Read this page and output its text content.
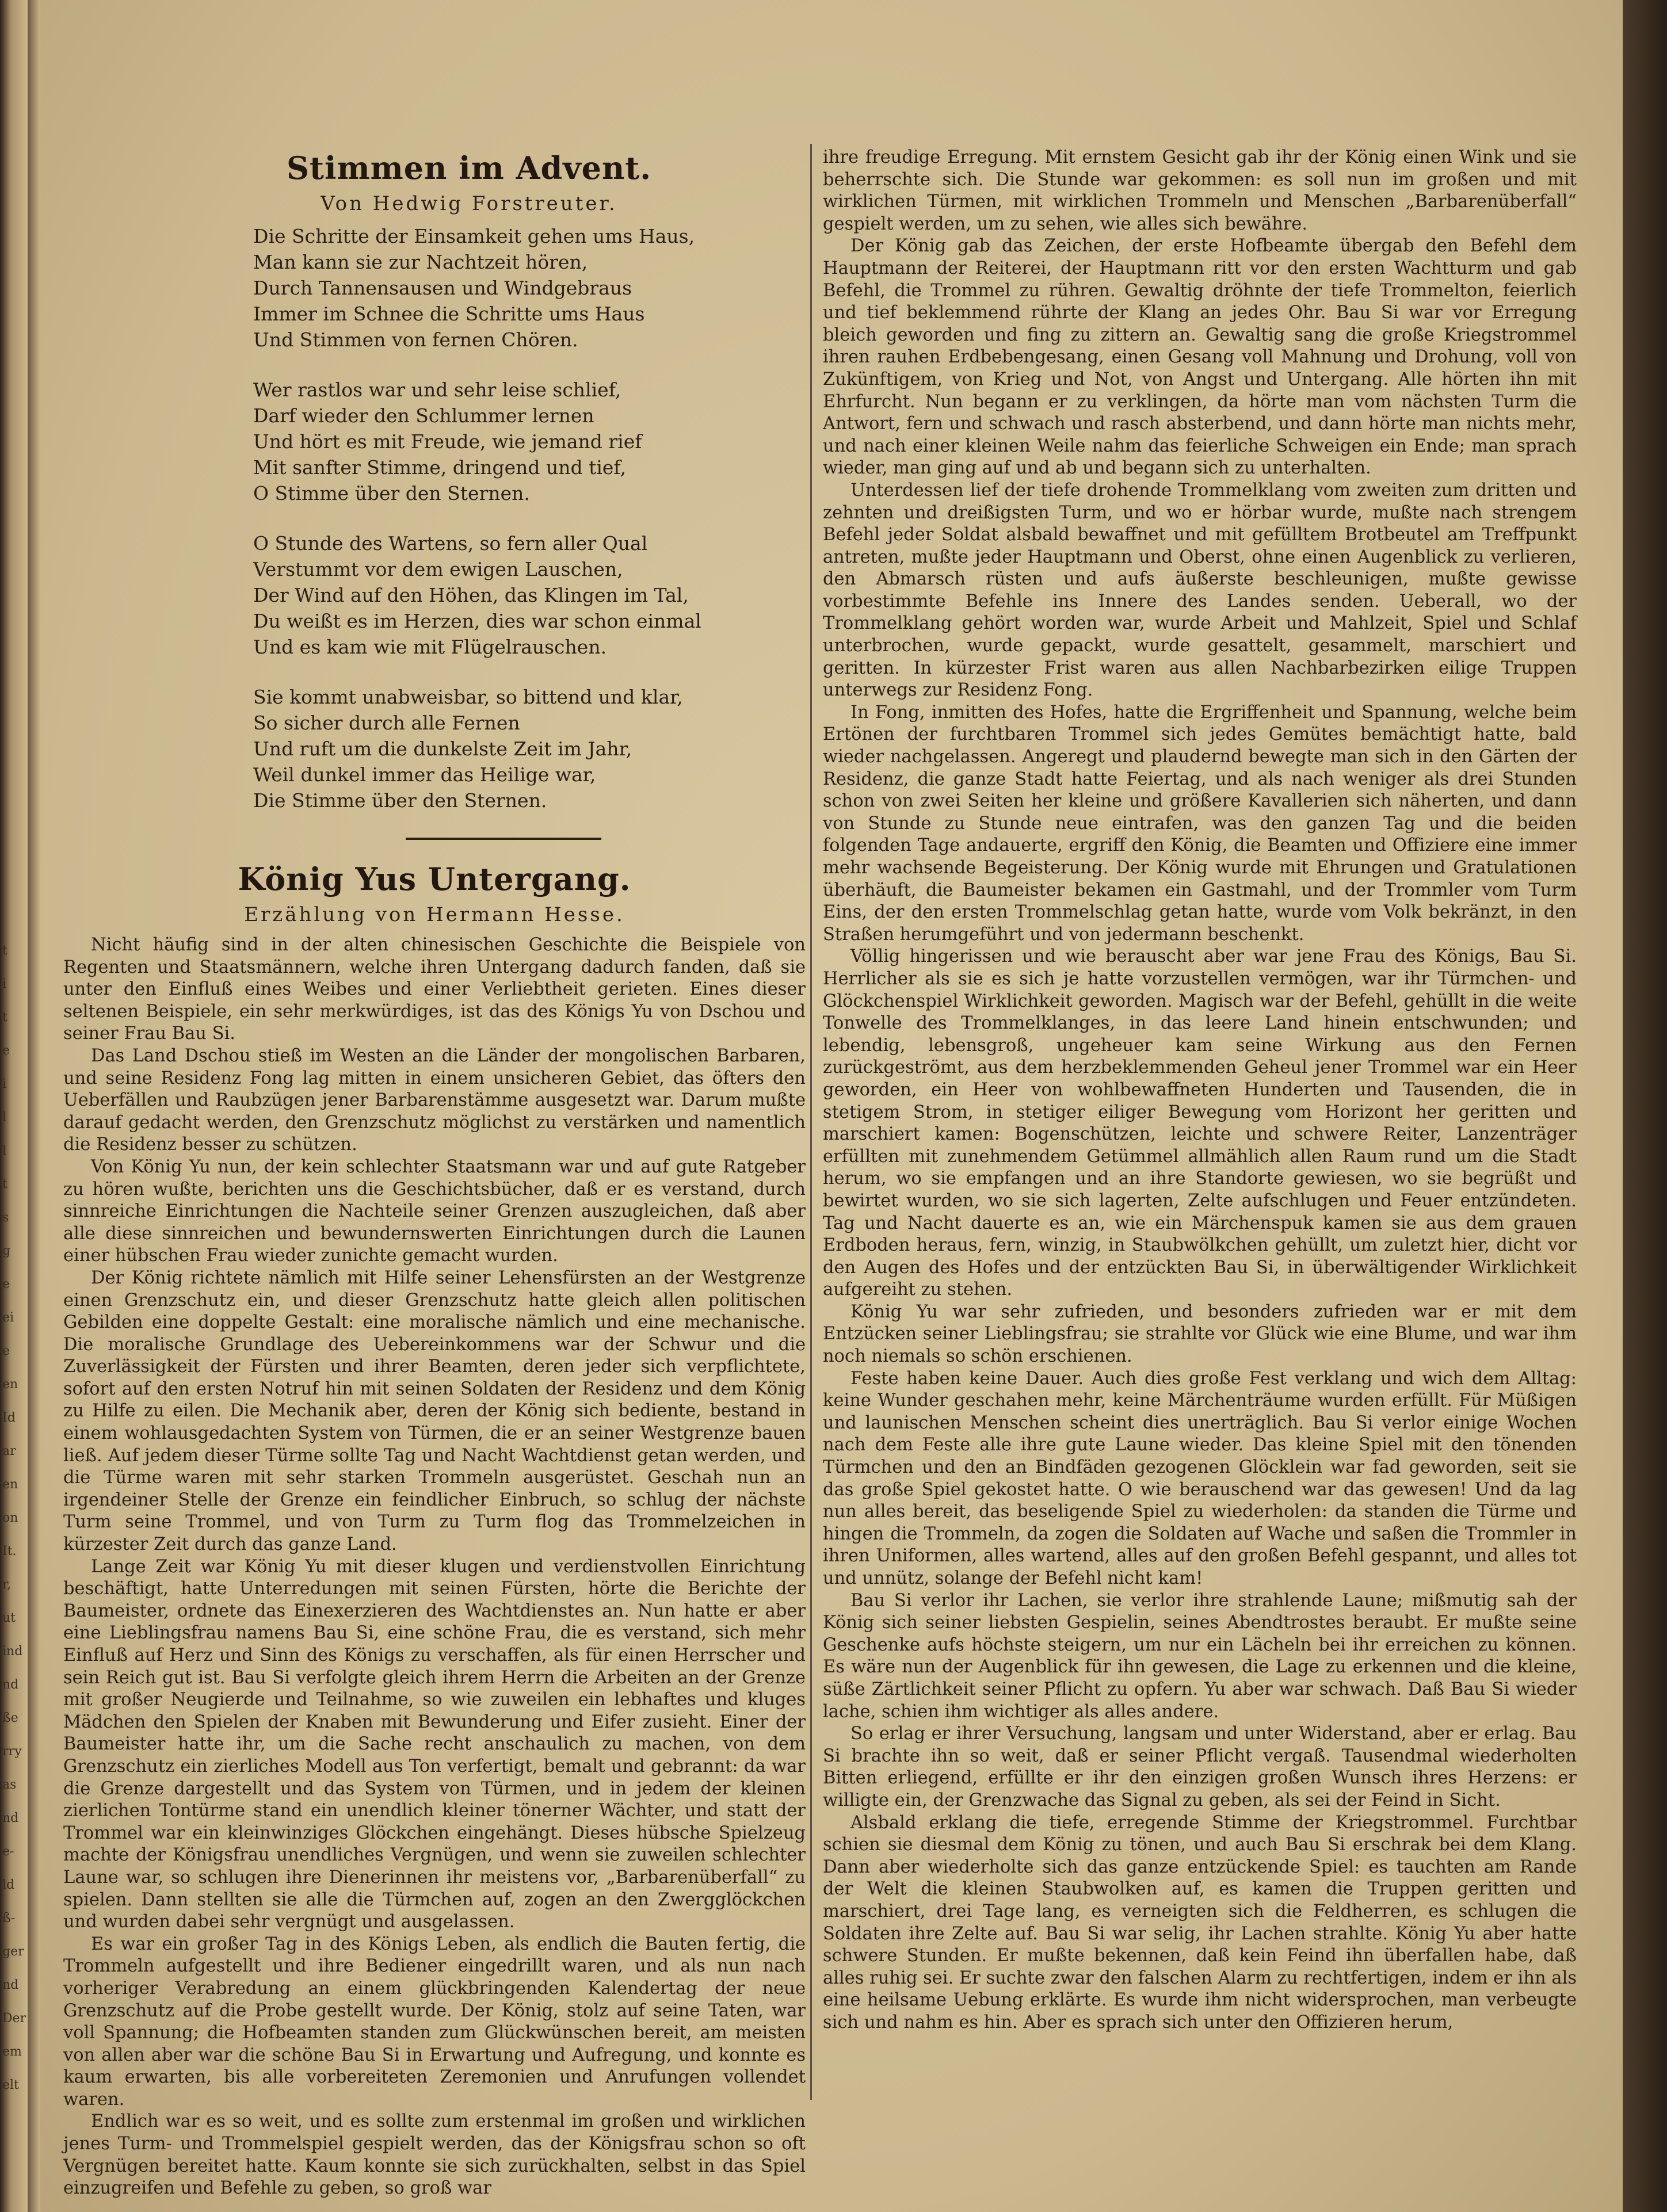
t
i
t
e
i
l
l
t
s
g
e
ei
e
en
Id
ar
en
on
It.
r,
ut
ind
nd
ße
rrу
as
nd
e-
ld
ß-
ger
nd
Der
em
elt
Stimmen im Advent.
Von Hedwig Forstreuter.
Die Schritte der Einsamkeit gehen ums Haus,
Man kann sie zur Nachtzeit hören,
Durch Tannensausen und Windgebraus
Immer im Schnee die Schritte ums Haus
Und Stimmen von fernen Chören.
Wer rastlos war und sehr leise schlief,
Darf wieder den Schlummer lernen
Und hört es mit Freude, wie jemand rief
Mit sanfter Stimme, dringend und tief,
O Stimme über den Sternen.
O Stunde des Wartens, so fern aller Qual
Verstummt vor dem ewigen Lauschen,
Der Wind auf den Höhen, das Klingen im Tal,
Du weißt es im Herzen, dies war schon einmal
Und es kam wie mit Flügelrauschen.
Sie kommt unabweisbar, so bittend und klar,
So sicher durch alle Fernen
Und ruft um die dunkelste Zeit im Jahr,
Weil dunkel immer das Heilige war,
Die Stimme über den Sternen.
König Yus Untergang.
Erzählung von Hermann Hesse.

Nicht häufig sind in der alten chinesischen Geschichte die Beispiele von Regenten und Staatsmännern, welche ihren Untergang dadurch fanden, daß sie unter den Einfluß eines Weibes und einer Verliebtheit gerieten. Eines dieser seltenen Beispiele, ein sehr merkwürdiges, ist das des Königs Yu von Dschou und seiner Frau Bau Si.

Das Land Dschou stieß im Westen an die Länder der mongolischen Barbaren, und seine Residenz Fong lag mitten in einem unsicheren Gebiet, das öfters den Ueberfällen und Raubzügen jener Barbarenstämme ausgesetzt war. Darum mußte darauf gedacht werden, den Grenzschutz möglichst zu verstärken und namentlich die Residenz besser zu schützen.

Von König Yu nun, der kein schlechter Staatsmann war und auf gute Ratgeber zu hören wußte, berichten uns die Geschichtsbücher, daß er es verstand, durch sinnreiche Einrichtungen die Nachteile seiner Grenzen auszugleichen, daß aber alle diese sinnreichen und bewundernswerten Einrichtungen durch die Launen einer hübschen Frau wieder zunichte gemacht wurden.

Der König richtete nämlich mit Hilfe seiner Lehensfürsten an der Westgrenze einen Grenzschutz ein, und dieser Grenzschutz hatte gleich allen politischen Gebilden eine doppelte Gestalt: eine moralische nämlich und eine mechanische. Die moralische Grundlage des Uebereinkommens war der Schwur und die Zuverlässigkeit der Fürsten und ihrer Beamten, deren jeder sich verpflichtete, sofort auf den ersten Notruf hin mit seinen Soldaten der Residenz und dem König zu Hilfe zu eilen. Die Mechanik aber, deren der König sich bediente, bestand in einem wohlausgedachten System von Türmen, die er an seiner Westgrenze bauen ließ. Auf jedem dieser Türme sollte Tag und Nacht Wachtdienst getan werden, und die Türme waren mit sehr starken Trommeln ausgerüstet. Geschah nun an irgendeiner Stelle der Grenze ein feindlicher Einbruch, so schlug der nächste Turm seine Trommel, und von Turm zu Turm flog das Trommelzeichen in kürzester Zeit durch das ganze Land.

Lange Zeit war König Yu mit dieser klugen und verdienstvollen Einrichtung beschäftigt, hatte Unterredungen mit seinen Fürsten, hörte die Berichte der Baumeister, ordnete das Einexerzieren des Wachtdienstes an. Nun hatte er aber eine Lieblingsfrau namens Bau Si, eine schöne Frau, die es verstand, sich mehr Einfluß auf Herz und Sinn des Königs zu verschaffen, als für einen Herrscher und sein Reich gut ist. Bau Si verfolgte gleich ihrem Herrn die Arbeiten an der Grenze mit großer Neugierde und Teilnahme, so wie zuweilen ein lebhaftes und kluges Mädchen den Spielen der Knaben mit Bewunderung und Eifer zusieht. Einer der Baumeister hatte ihr, um die Sache recht anschaulich zu machen, von dem Grenzschutz ein zierliches Modell aus Ton verfertigt, bemalt und gebrannt: da war die Grenze dargestellt und das System von Türmen, und in jedem der kleinen zierlichen Tontürme stand ein unendlich kleiner tönerner Wächter, und statt der Trommel war ein kleinwinziges Glöckchen eingehängt. Dieses hübsche Spielzeug machte der Königsfrau unendliches Vergnügen, und wenn sie zuweilen schlechter Laune war, so schlugen ihre Dienerinnen ihr meistens vor, „Barbarenüberfall“ zu spielen. Dann stellten sie alle die Türmchen auf, zogen an den Zwergglöckchen und wurden dabei sehr vergnügt und ausgelassen.

Es war ein großer Tag in des Königs Leben, als endlich die Bauten fertig, die Trommeln aufgestellt und ihre Bediener eingedrillt waren, und als nun nach vorheriger Verabredung an einem glückbringenden Kalendertag der neue Grenzschutz auf die Probe gestellt wurde. Der König, stolz auf seine Taten, war voll Spannung; die Hofbeamten standen zum Glückwünschen bereit, am meisten von allen aber war die schöne Bau Si in Erwartung und Aufregung, und konnte es kaum erwarten, bis alle vorbereiteten Zeremonien und Anrufungen vollendet waren.

Endlich war es so weit, und es sollte zum erstenmal im großen und wirklichen jenes Turm- und Trommelspiel gespielt werden, das der Königsfrau schon so oft Vergnügen bereitet hatte. Kaum konnte sie sich zurückhalten, selbst in das Spiel einzugreifen und Befehle zu geben, so groß war

ihre freudige Erregung. Mit ernstem Gesicht gab ihr der König einen Wink und sie beherrschte sich. Die Stunde war gekommen: es soll nun im großen und mit wirklichen Türmen, mit wirklichen Trommeln und Menschen „Barbarenüberfall“ gespielt werden, um zu sehen, wie alles sich bewähre.

Der König gab das Zeichen, der erste Hofbeamte übergab den Befehl dem Hauptmann der Reiterei, der Hauptmann ritt vor den ersten Wachtturm und gab Befehl, die Trommel zu rühren. Gewaltig dröhnte der tiefe Trommelton, feierlich und tief beklemmend rührte der Klang an jedes Ohr. Bau Si war vor Erregung bleich geworden und fing zu zittern an. Gewaltig sang die große Kriegstrommel ihren rauhen Erdbebengesang, einen Gesang voll Mahnung und Drohung, voll von Zukünftigem, von Krieg und Not, von Angst und Untergang. Alle hörten ihn mit Ehrfurcht. Nun begann er zu verklingen, da hörte man vom nächsten Turm die Antwort, fern und schwach und rasch absterbend, und dann hörte man nichts mehr, und nach einer kleinen Weile nahm das feierliche Schweigen ein Ende; man sprach wieder, man ging auf und ab und begann sich zu unterhalten.

Unterdessen lief der tiefe drohende Trommelklang vom zweiten zum dritten und zehnten und dreißigsten Turm, und wo er hörbar wurde, mußte nach strengem Befehl jeder Soldat alsbald bewaffnet und mit gefülltem Brotbeutel am Treffpunkt antreten, mußte jeder Hauptmann und Oberst, ohne einen Augenblick zu verlieren, den Abmarsch rüsten und aufs äußerste beschleunigen, mußte gewisse vorbestimmte Befehle ins Innere des Landes senden. Ueberall, wo der Trommelklang gehört worden war, wurde Arbeit und Mahlzeit, Spiel und Schlaf unterbrochen, wurde gepackt, wurde gesattelt, gesammelt, marschiert und geritten. In kürzester Frist waren aus allen Nachbarbezirken eilige Truppen unterwegs zur Residenz Fong.

In Fong, inmitten des Hofes, hatte die Ergriffenheit und Spannung, welche beim Ertönen der furchtbaren Trommel sich jedes Gemütes bemächtigt hatte, bald wieder nachgelassen. Angeregt und plaudernd bewegte man sich in den Gärten der Residenz, die ganze Stadt hatte Feiertag, und als nach weniger als drei Stunden schon von zwei Seiten her kleine und größere Kavallerien sich näherten, und dann von Stunde zu Stunde neue eintrafen, was den ganzen Tag und die beiden folgenden Tage andauerte, ergriff den König, die Beamten und Offiziere eine immer mehr wachsende Begeisterung. Der König wurde mit Ehrungen und Gratulationen überhäuft, die Baumeister bekamen ein Gastmahl, und der Trommler vom Turm Eins, der den ersten Trommelschlag getan hatte, wurde vom Volk bekränzt, in den Straßen herumgeführt und von jedermann beschenkt.

Völlig hingerissen und wie berauscht aber war jene Frau des Königs, Bau Si. Herrlicher als sie es sich je hatte vorzustellen vermögen, war ihr Türmchen- und Glöckchenspiel Wirklichkeit geworden. Magisch war der Befehl, gehüllt in die weite Tonwelle des Trommelklanges, in das leere Land hinein entschwunden; und lebendig, lebensgroß, ungeheuer kam seine Wirkung aus den Fernen zurückgeströmt, aus dem herzbeklemmenden Geheul jener Trommel war ein Heer geworden, ein Heer von wohlbewaffneten Hunderten und Tausenden, die in stetigem Strom, in stetiger eiliger Bewegung vom Horizont her geritten und marschiert kamen: Bogenschützen, leichte und schwere Reiter, Lanzenträger erfüllten mit zunehmendem Getümmel allmählich allen Raum rund um die Stadt herum, wo sie empfangen und an ihre Standorte gewiesen, wo sie begrüßt und bewirtet wurden, wo sie sich lagerten, Zelte aufschlugen und Feuer entzündeten. Tag und Nacht dauerte es an, wie ein Märchenspuk kamen sie aus dem grauen Erdboden heraus, fern, winzig, in Staubwölkchen gehüllt, um zuletzt hier, dicht vor den Augen des Hofes und der entzückten Bau Si, in überwältigender Wirklichkeit aufgereiht zu stehen.

König Yu war sehr zufrieden, und besonders zufrieden war er mit dem Entzücken seiner Lieblingsfrau; sie strahlte vor Glück wie eine Blume, und war ihm noch niemals so schön erschienen.

Feste haben keine Dauer. Auch dies große Fest verklang und wich dem Alltag: keine Wunder geschahen mehr, keine Märchenträume wurden erfüllt. Für Müßigen und launischen Menschen scheint dies unerträglich. Bau Si verlor einige Wochen nach dem Feste alle ihre gute Laune wieder. Das kleine Spiel mit den tönenden Türmchen und den an Bindfäden gezogenen Glöcklein war fad geworden, seit sie das große Spiel gekostet hatte. O wie berauschend war das gewesen! Und da lag nun alles bereit, das beseligende Spiel zu wiederholen: da standen die Türme und hingen die Trommeln, da zogen die Soldaten auf Wache und saßen die Trommler in ihren Uniformen, alles wartend, alles auf den großen Befehl gespannt, und alles tot und unnütz, solange der Befehl nicht kam!

Bau Si verlor ihr Lachen, sie verlor ihre strahlende Laune; mißmutig sah der König sich seiner liebsten Gespielin, seines Abendtrostes beraubt. Er mußte seine Geschenke aufs höchste steigern, um nur ein Lächeln bei ihr erreichen zu können. Es wäre nun der Augenblick für ihn gewesen, die Lage zu erkennen und die kleine, süße Zärtlichkeit seiner Pflicht zu opfern. Yu aber war schwach. Daß Bau Si wieder lache, schien ihm wichtiger als alles andere.

So erlag er ihrer Versuchung, langsam und unter Widerstand, aber er erlag. Bau Si brachte ihn so weit, daß er seiner Pflicht vergaß. Tausendmal wiederholten Bitten erliegend, erfüllte er ihr den einzigen großen Wunsch ihres Herzens: er willigte ein, der Grenzwache das Signal zu geben, als sei der Feind in Sicht.

Alsbald erklang die tiefe, erregende Stimme der Kriegstrommel. Furchtbar schien sie diesmal dem König zu tönen, und auch Bau Si erschrak bei dem Klang. Dann aber wiederholte sich das ganze entzückende Spiel: es tauchten am Rande der Welt die kleinen Staubwolken auf, es kamen die Truppen geritten und marschiert, drei Tage lang, es verneigten sich die Feldherren, es schlugen die Soldaten ihre Zelte auf. Bau Si war selig, ihr Lachen strahlte. König Yu aber hatte schwere Stunden. Er mußte bekennen, daß kein Feind ihn überfallen habe, daß alles ruhig sei. Er suchte zwar den falschen Alarm zu rechtfertigen, indem er ihn als eine heilsame Uebung erklärte. Es wurde ihm nicht widersprochen, man verbeugte sich und nahm es hin. Aber es sprach sich unter den Offizieren herum,
